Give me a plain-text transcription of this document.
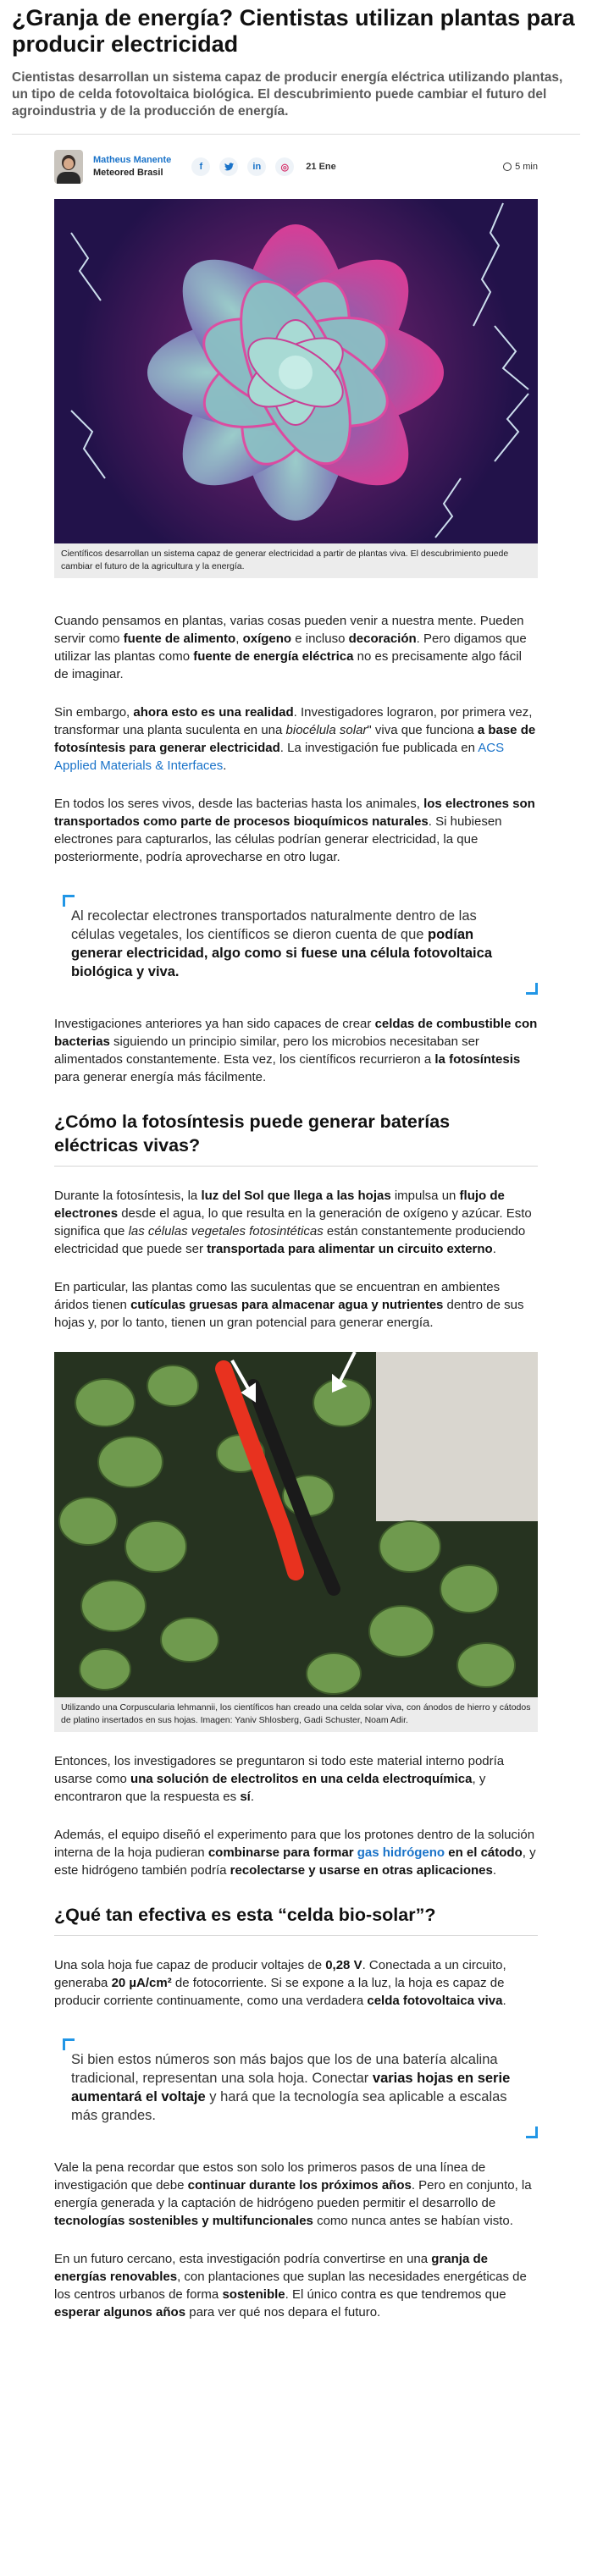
¿Granja de energía? Cientistas utilizan plantas para producir electricidad

Cientistas desarrollan un sistema capaz de producir energía eléctrica utilizando plantas, un tipo de celda fotovoltaica biológica. El descubrimiento puede cambiar el futuro del agroindustria y de la producción de energía.

Matheus Manente
Meteored Brasil
f	in	◎	21 Ene	5 min
Científicos desarrollan un sistema capaz de generar electricidad a partir de plantas viva. El descubrimiento puede cambiar el futuro de la agricultura y la energía.

Cuando pensamos en plantas, varias cosas pueden venir a nuestra mente. Pueden servir como fuente de alimento, oxígeno e incluso decoración. Pero digamos que utilizar las plantas como fuente de energía eléctrica no es precisamente algo fácil de imaginar.

Sin embargo, ahora esto es una realidad. Investigadores lograron, por primera vez, transformar una planta suculenta en una biocélula solar" viva que funciona a base de fotosíntesis para generar electricidad. La investigación fue publicada en ACS Applied Materials & Interfaces.

En todos los seres vivos, desde las bacterias hasta los animales, los electrones son transportados como parte de procesos bioquímicos naturales. Si hubiesen electrones para capturarlos, las células podrían generar electricidad, la que posteriormente, podría aprovecharse en otro lugar.

Al recolectar electrones transportados naturalmente dentro de las células vegetales, los científicos se dieron cuenta de que podían generar electricidad, algo como si fuese una célula fotovoltaica biológica y viva.

Investigaciones anteriores ya han sido capaces de crear celdas de combustible con bacterias siguiendo un principio similar, pero los microbios necesitaban ser alimentados constantemente. Esta vez, los científicos recurrieron a la fotosíntesis para generar energía más fácilmente.

¿Cómo la fotosíntesis puede generar baterías eléctricas vivas?

Durante la fotosíntesis, la luz del Sol que llega a las hojas impulsa un flujo de electrones desde el agua, lo que resulta en la generación de oxígeno y azúcar. Esto significa que las células vegetales fotosintéticas están constantemente produciendo electricidad que puede ser transportada para alimentar un circuito externo.

En particular, las plantas como las suculentas que se encuentran en ambientes áridos tienen cutículas gruesas para almacenar agua y nutrientes dentro de sus hojas y, por lo tanto, tienen un gran potencial para generar energía.

Utilizando una Corpuscularia lehmannii, los científicos han creado una celda solar viva, con ánodos de hierro y cátodos de platino insertados en sus hojas. Imagen: Yaniv Shlosberg, Gadi Schuster, Noam Adir.

Entonces, los investigadores se preguntaron si todo este material interno podría usarse como una solución de electrolitos en una celda electroquímica, y encontraron que la respuesta es sí.

Además, el equipo diseñó el experimento para que los protones dentro de la solución interna de la hoja pudieran combinarse para formar gas hidrógeno en el cátodo, y este hidrógeno también podría recolectarse y usarse en otras aplicaciones.

¿Qué tan efectiva es esta “celda bio-solar”?

Una sola hoja fue capaz de producir voltajes de 0,28 V. Conectada a un circuito, generaba 20 µA/cm² de fotocorriente. Si se expone a la luz, la hoja es capaz de producir corriente continuamente, como una verdadera celda fotovoltaica viva.

Si bien estos números son más bajos que los de una batería alcalina tradicional, representan una sola hoja. Conectar varias hojas en serie aumentará el voltaje y hará que la tecnología sea aplicable a escalas más grandes.

Vale la pena recordar que estos son solo los primeros pasos de una línea de investigación que debe continuar durante los próximos años. Pero en conjunto, la energía generada y la captación de hidrógeno pueden permitir el desarrollo de tecnologías sostenibles y multifuncionales como nunca antes se habían visto.

En un futuro cercano, esta investigación podría convertirse en una granja de energías renovables, con plantaciones que suplan las necesidades energéticas de los centros urbanos de forma sostenible. El único contra es que tendremos que esperar algunos años para ver qué nos depara el futuro.
